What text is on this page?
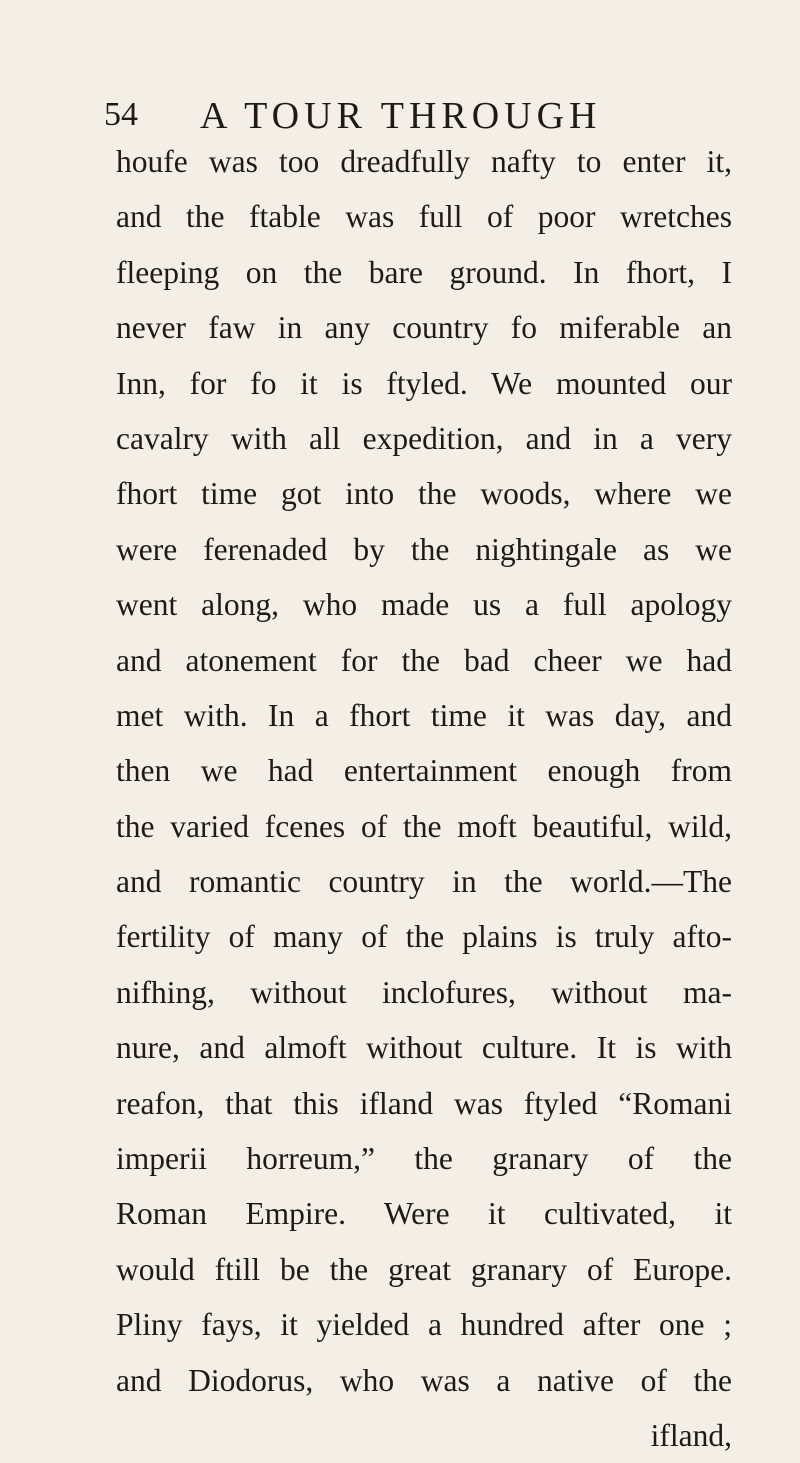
54 A TOUR THROUGH
houfe was too dreadfully nafty to enter it,
and the ftable was full of poor wretches
fleeping on the bare ground. In fhort, I
never faw in any country fo miferable an
Inn, for fo it is ftyled. We mounted our
cavalry with all expedition, and in a very
fhort time got into the woods, where we
were ferenaded by the nightingale as we
went along, who made us a full apology
and atonement for the bad cheer we had
met with. In a fhort time it was day, and
then we had entertainment enough from
the varied fcenes of the moft beautiful, wild,
and romantic country in the world.—The
fertility of many of the plains is truly afto-
nifhing, without inclofures, without ma-
nure, and almoft without culture. It is with
reafon, that this ifland was ftyled “Romani
imperii horreum,” the granary of the
Roman Empire. Were it cultivated, it
would ftill be the great granary of Europe.
Pliny fays, it yielded a hundred after one ;
and Diodorus, who was a native of the
ifland,
